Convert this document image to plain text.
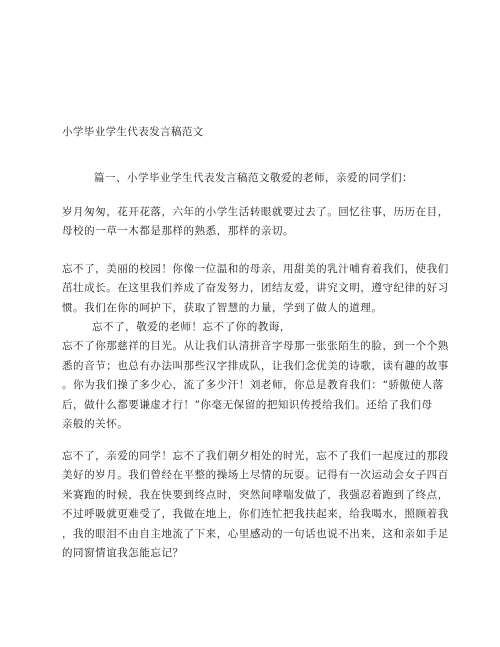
小学毕业学生代表发言稿范文
篇一、小学毕业学生代表发言稿范文敬爱的老师，亲爱的同学们：
岁月匆匆，花开花落，六年的小学生活转眼就要过去了。回忆往事，历历在目，
母校的一草一木都是那样的熟悉，那样的亲切。
忘不了，美丽的校园！你像一位温和的母亲，用甜美的乳汁哺育着我们，使我们
茁壮成长。在这里我们养成了奋发努力，团结友爱，讲究文明，遵守纪律的好习
惯。我们在你的呵护下，获取了智慧的力量，学到了做人的道理。
忘不了，敬爱的老师！忘不了你的教诲，
忘不了你那慈祥的目光。从让我们认清拼音字母那一张张陌生的脸，到一个个熟
悉的音节；也总有办法叫那些汉字排成队，让我们念优美的诗歌，读有趣的故事
。你为我们操了多少心，流了多少汗！刘老师，你总是教育我们：“骄傲使人落
后，做什么都要谦虚才行！”你毫无保留的把知识传授给我们。还给了我们母
亲般的关怀。
忘不了，亲爱的同学！忘不了我们朝夕相处的时光，忘不了我们一起度过的那段
美好的岁月。我们曾经在平整的操场上尽情的玩耍。记得有一次运动会女子四百
米赛跑的时候，我在快要到终点时，突然间哮喘发做了，我强忍着跑到了终点，
不过呼吸就更难受了，我做在地上，你们连忙把我扶起来，给我喝水，照顾着我
，我的眼泪不由自主地流了下来，心里感动的一句话也说不出来，这和亲如手足
的同窗情谊我怎能忘记？
